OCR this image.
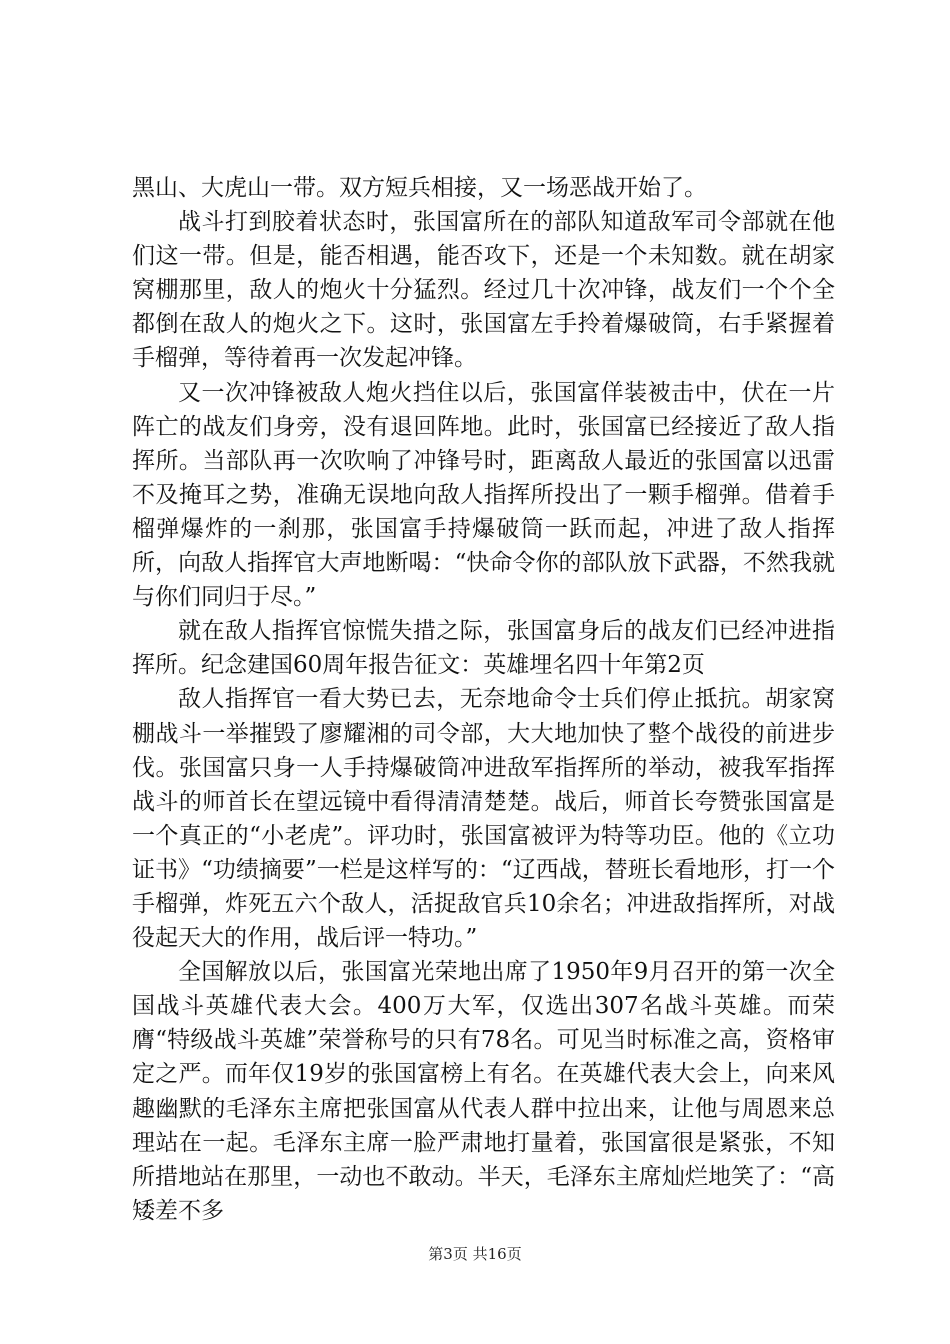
黑山、大虎山一带。双方短兵相接，又一场恶战开始了。

战斗打到胶着状态时，张国富所在的部队知道敌军司令部就在他们这一带。但是，能否相遇，能否攻下，还是一个未知数。就在胡家窝棚那里，敌人的炮火十分猛烈。经过几十次冲锋，战友们一个个全都倒在敌人的炮火之下。这时，张国富左手拎着爆破筒，右手紧握着手榴弹，等待着再一次发起冲锋。

又一次冲锋被敌人炮火挡住以后，张国富佯装被击中，伏在一片阵亡的战友们身旁，没有退回阵地。此时，张国富已经接近了敌人指挥所。当部队再一次吹响了冲锋号时，距离敌人最近的张国富以迅雷不及掩耳之势，准确无误地向敌人指挥所投出了一颗手榴弹。借着手榴弹爆炸的一刹那，张国富手持爆破筒一跃而起，冲进了敌人指挥所，向敌人指挥官大声地断喝：“快命令你的部队放下武器，不然我就与你们同归于尽。”

就在敌人指挥官惊慌失措之际，张国富身后的战友们已经冲进指挥所。纪念建国60周年报告征文：英雄埋名四十年第2页

敌人指挥官一看大势已去，无奈地命令士兵们停止抵抗。胡家窝棚战斗一举摧毁了廖耀湘的司令部，大大地加快了整个战役的前进步伐。张国富只身一人手持爆破筒冲进敌军指挥所的举动，被我军指挥战斗的师首长在望远镜中看得清清楚楚。战后，师首长夸赞张国富是一个真正的“小老虎”。评功时，张国富被评为特等功臣。他的《立功证书》“功绩摘要”一栏是这样写的：“辽西战，替班长看地形，打一个手榴弹，炸死五六个敌人，活捉敌官兵10余名；冲进敌指挥所，对战役起天大的作用，战后评一特功。”

全国解放以后，张国富光荣地出席了1950年9月召开的第一次全国战斗英雄代表大会。400万大军，仅选出307名战斗英雄。而荣膺“特级战斗英雄”荣誉称号的只有78名。可见当时标准之高，资格审定之严。而年仅19岁的张国富榜上有名。在英雄代表大会上，向来风趣幽默的毛泽东主席把张国富从代表人群中拉出来，让他与周恩来总理站在一起。毛泽东主席一脸严肃地打量着，张国富很是紧张，不知所措地站在那里，一动也不敢动。半天，毛泽东主席灿烂地笑了：“高矮差不多

第3页 共16页
